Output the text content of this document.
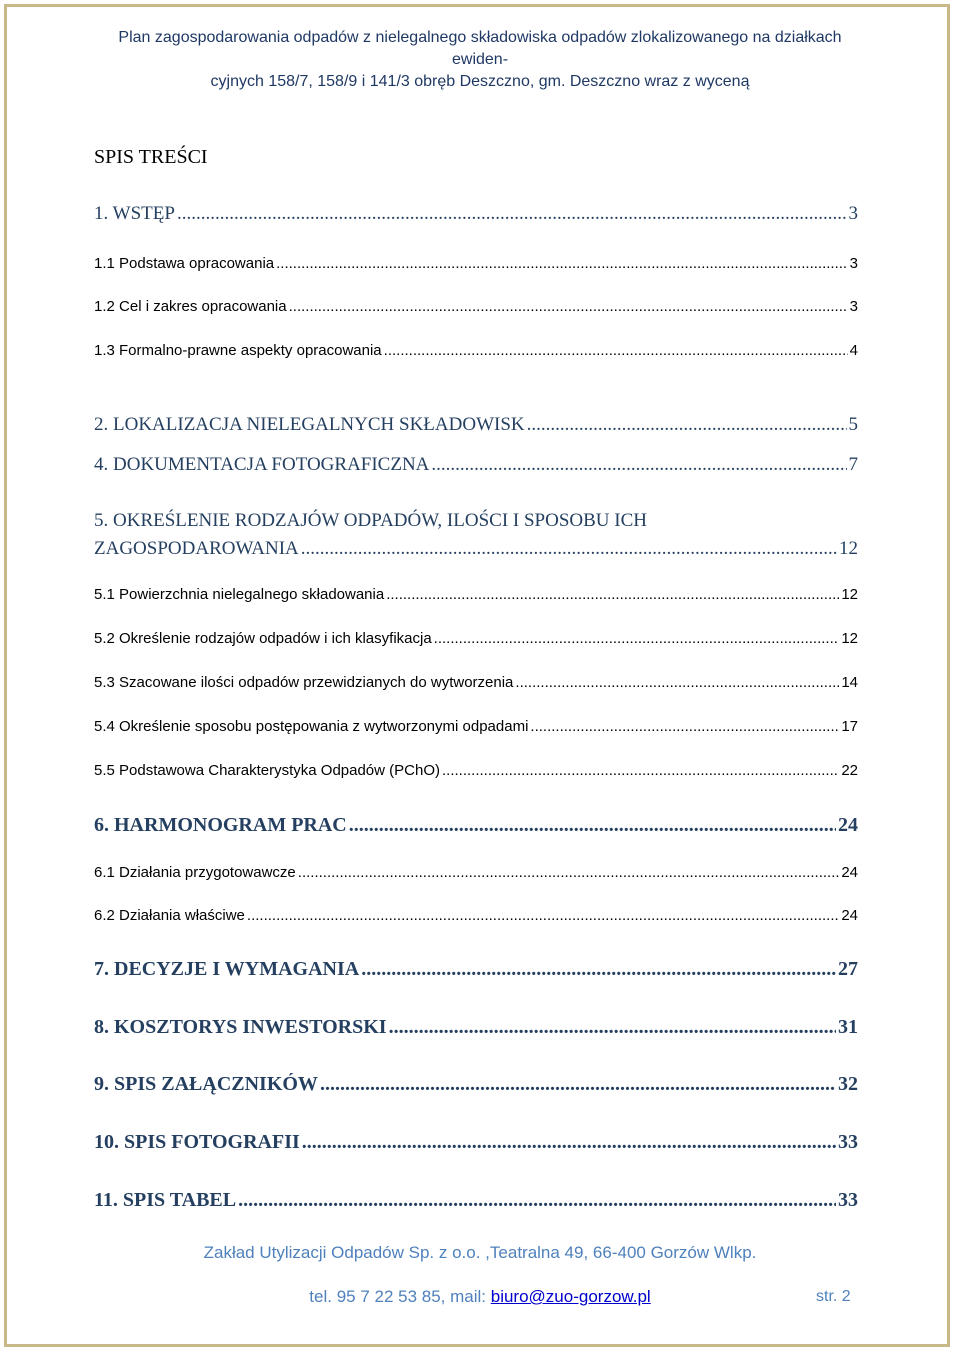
Plan zagospodarowania odpadów z nielegalnego składowiska odpadów zlokalizowanego na działkach ewiden-
cyjnych 158/7, 158/9 i 141/3 obręb Deszczno, gm. Deszczno wraz z wyceną
SPIS TREŚCI
1. WSTĘP .....	3
1.1 Podstawa opracowania .....	3
1.2 Cel i zakres opracowania .....	3
1.3 Formalno-prawne aspekty opracowania .....	4
2. LOKALIZACJA NIELEGALNYCH SKŁADOWISK .....	5
4. DOKUMENTACJA FOTOGRAFICZNA .....	7
5. OKREŚLENIE RODZAJÓW ODPADÓW, ILOŚCI I SPOSOBU ICH
ZAGOSPODAROWANIA .....	12
5.1 Powierzchnia nielegalnego składowania .....	12
5.2 Określenie rodzajów odpadów i ich klasyfikacja .....	12
5.3 Szacowane ilości odpadów przewidzianych do wytworzenia .....	14
5.4 Określenie sposobu postępowania z wytworzonymi odpadami .....	17
5.5 Podstawowa Charakterystyka Odpadów (PChO) .....	22
6. HARMONOGRAM PRAC .....	24
6.1 Działania przygotowawcze .....	24
6.2 Działania właściwe .....	24
7. DECYZJE I WYMAGANIA .....	27
8. KOSZTORYS INWESTORSKI .....	31
9. SPIS ZAŁĄCZNIKÓW .....	32
10. SPIS FOTOGRAFII .....	33
11. SPIS TABEL .....	33
Zakład Utylizacji Odpadów Sp. z o.o. ,Teatralna 49, 66-400 Gorzów Wlkp.
tel. 95 7 22 53 85, mail: biuro@zuo-gorzow.pl	str. 2
